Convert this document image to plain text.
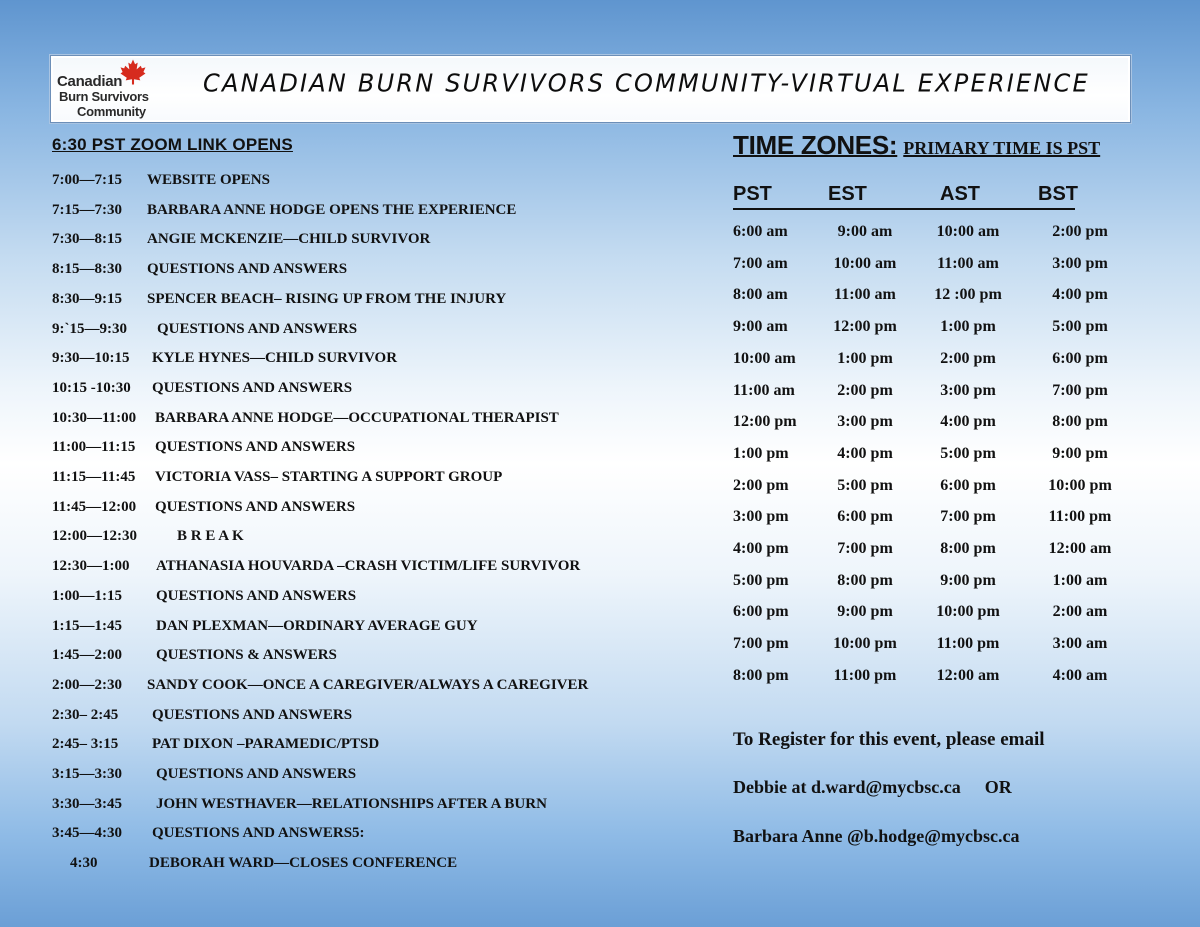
Canadian
Burn Survivors
Community
CANADIAN BURN SURVIVORS COMMUNITY-VIRTUAL EXPERIENCE
6:30 PST ZOOM LINK OPENS
7:00—7:15 WEBSITE OPENS
7:15—7:30 BARBARA ANNE HODGE OPENS THE EXPERIENCE
7:30—8:15 ANGIE MCKENZIE—CHILD SURVIVOR
8:15—8:30 QUESTIONS AND ANSWERS
8:30—9:15 SPENCER BEACH– RISING UP FROM THE INJURY
9:`15—9:30 QUESTIONS AND ANSWERS
9:30—10:15 KYLE HYNES—CHILD SURVIVOR
10:15 -10:30 QUESTIONS AND ANSWERS
10:30—11:00 BARBARA ANNE HODGE—OCCUPATIONAL THERAPIST
11:00—11:15 QUESTIONS AND ANSWERS
11:15—11:45 VICTORIA VASS– STARTING A SUPPORT GROUP
11:45—12:00 QUESTIONS AND ANSWERS
12:00—12:30	B R E A K
12:30—1:00 ATHANASIA HOUVARDA –CRASH VICTIM/LIFE SURVIVOR
1:00—1:15 QUESTIONS AND ANSWERS
1:15—1:45 DAN PLEXMAN—ORDINARY AVERAGE GUY
1:45—2:00 QUESTIONS & ANSWERS
2:00—2:30 SANDY COOK—ONCE A CAREGIVER/ALWAYS A CAREGIVER
2:30– 2:45 QUESTIONS AND ANSWERS
2:45– 3:15 PAT DIXON –PARAMEDIC/PTSD
3:15—3:30 QUESTIONS AND ANSWERS
3:30—3:45 JOHN WESTHAVER—RELATIONSHIPS AFTER A BURN
3:45—4:30 QUESTIONS AND ANSWERS5:
4:30	DEBORAH WARD—CLOSES CONFERENCE
TIME ZONES: PRIMARY TIME IS PST
PST	EST	AST	BST
6:00 am	9:00 am	10:00 am	2:00 pm
7:00 am	10:00 am	11:00 am	3:00 pm
8:00 am	11:00 am	12 :00 pm	4:00 pm
9:00 am	12:00 pm	1:00 pm	5:00 pm
10:00 am	1:00 pm	2:00 pm	6:00 pm
11:00 am	2:00 pm	3:00 pm	7:00 pm
12:00 pm	3:00 pm	4:00 pm	8:00 pm
1:00 pm	4:00 pm	5:00 pm	9:00 pm
2:00 pm	5:00 pm	6:00 pm	10:00 pm
3:00 pm	6:00 pm	7:00 pm	11:00 pm
4:00 pm	7:00 pm	8:00 pm	12:00 am
5:00 pm	8:00 pm	9:00 pm	1:00 am
6:00 pm	9:00 pm	10:00 pm	2:00 am
7:00 pm	10:00 pm	11:00 pm	3:00 am
8:00 pm	11:00 pm	12:00 am	4:00 am
To Register for this event, please email
Debbie at d.ward@mycbsc.ca OR
Barbara Anne @b.hodge@mycbsc.ca
